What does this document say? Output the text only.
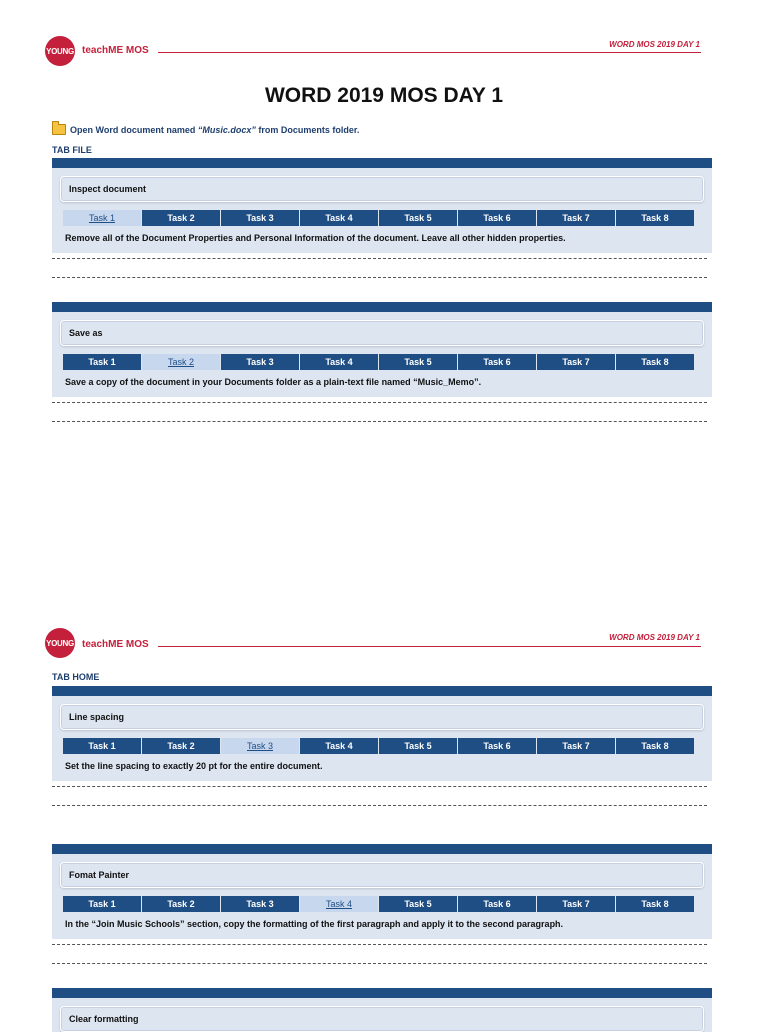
YOUNG teachME MOS
WORD MOS 2019 DAY 1
WORD 2019 MOS DAY 1
Open Word document named “Music.docx” from Documents folder.
TAB FILE
Inspect document
Task 1	Task 2	Task 3	Task 4	Task 5	Task 6	Task 7	Task 8
Remove all of the Document Properties and Personal Information of the document. Leave all other hidden properties.
Save as
Task 1	Task 2	Task 3	Task 4	Task 5	Task 6	Task 7	Task 8
Save a copy of the document in your Documents folder as a plain-text file named “Music_Memo”.
YOUNG teachME MOS
WORD MOS 2019 DAY 1
TAB HOME
Line spacing
Task 1	Task 2	Task 3	Task 4	Task 5	Task 6	Task 7	Task 8
Set the line spacing to exactly 20 pt for the entire document.
Fomat Painter
Task 1	Task 2	Task 3	Task 4	Task 5	Task 6	Task 7	Task 8
In the “Join Music Schools” section, copy the formatting of the first paragraph and apply it to the second paragraph.
Clear formatting
